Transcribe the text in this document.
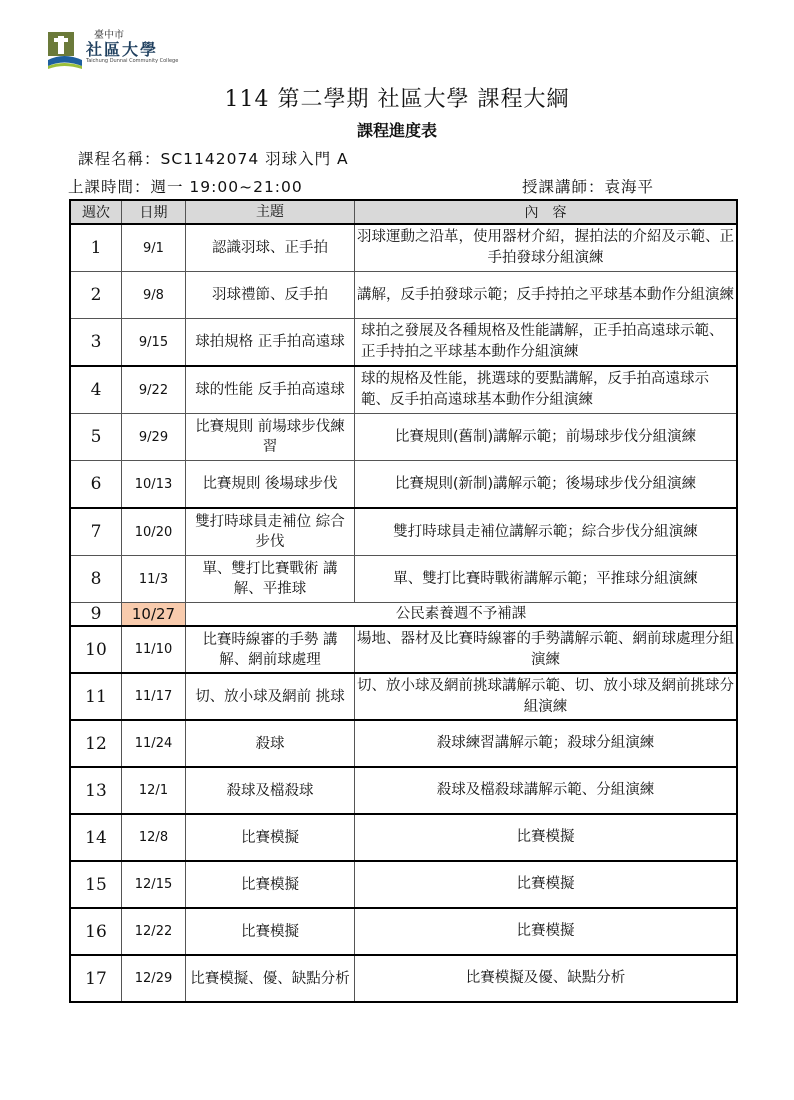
臺中市
社區大學
Taichung Dunnai Community College
114 第二學期 社區大學 課程大綱
課程進度表
課程名稱：SC1142074 羽球入門 A
上課時間：週一 19:00~21:00	授課講師：袁海平
週次	日期	主題	內　容
1	9/1	認識羽球、正手拍	羽球運動之沿革，使用器材介紹，握拍法的介紹及示範、正手拍發球分組演練
2	9/8	羽球禮節、反手拍	講解，反手拍發球示範；反手持拍之平球基本動作分組演練
3	9/15	球拍規格 正手拍高遠球	球拍之發展及各種規格及性能講解，正手拍高遠球示範、正手持拍之平球基本動作分組演練
4	9/22	球的性能 反手拍高遠球	球的規格及性能，挑選球的要點講解，反手拍高遠球示範、反手拍高遠球基本動作分組演練
5	9/29	比賽規則 前場球步伐練習	比賽規則(舊制)講解示範；前場球步伐分組演練
6	10/13	比賽規則 後場球步伐	比賽規則(新制)講解示範；後場球步伐分組演練
7	10/20	雙打時球員走補位 綜合步伐	雙打時球員走補位講解示範；綜合步伐分組演練
8	11/3	單、雙打比賽戰術 講解、平推球	單、雙打比賽時戰術講解示範；平推球分組演練
9	10/27	公民素養週不予補課	
10	11/10	比賽時線審的手勢 講解、網前球處理	場地、器材及比賽時線審的手勢講解示範、網前球處理分組演練
11	11/17	切、放小球及網前 挑球	切、放小球及網前挑球講解示範、切、放小球及網前挑球分組演練
12	11/24	殺球	殺球練習講解示範；殺球分組演練
13	12/1	殺球及檔殺球	殺球及檔殺球講解示範、分組演練
14	12/8	比賽模擬	比賽模擬
15	12/15	比賽模擬	比賽模擬
16	12/22	比賽模擬	比賽模擬
17	12/29	比賽模擬、優、缺點分析	比賽模擬及優、缺點分析
